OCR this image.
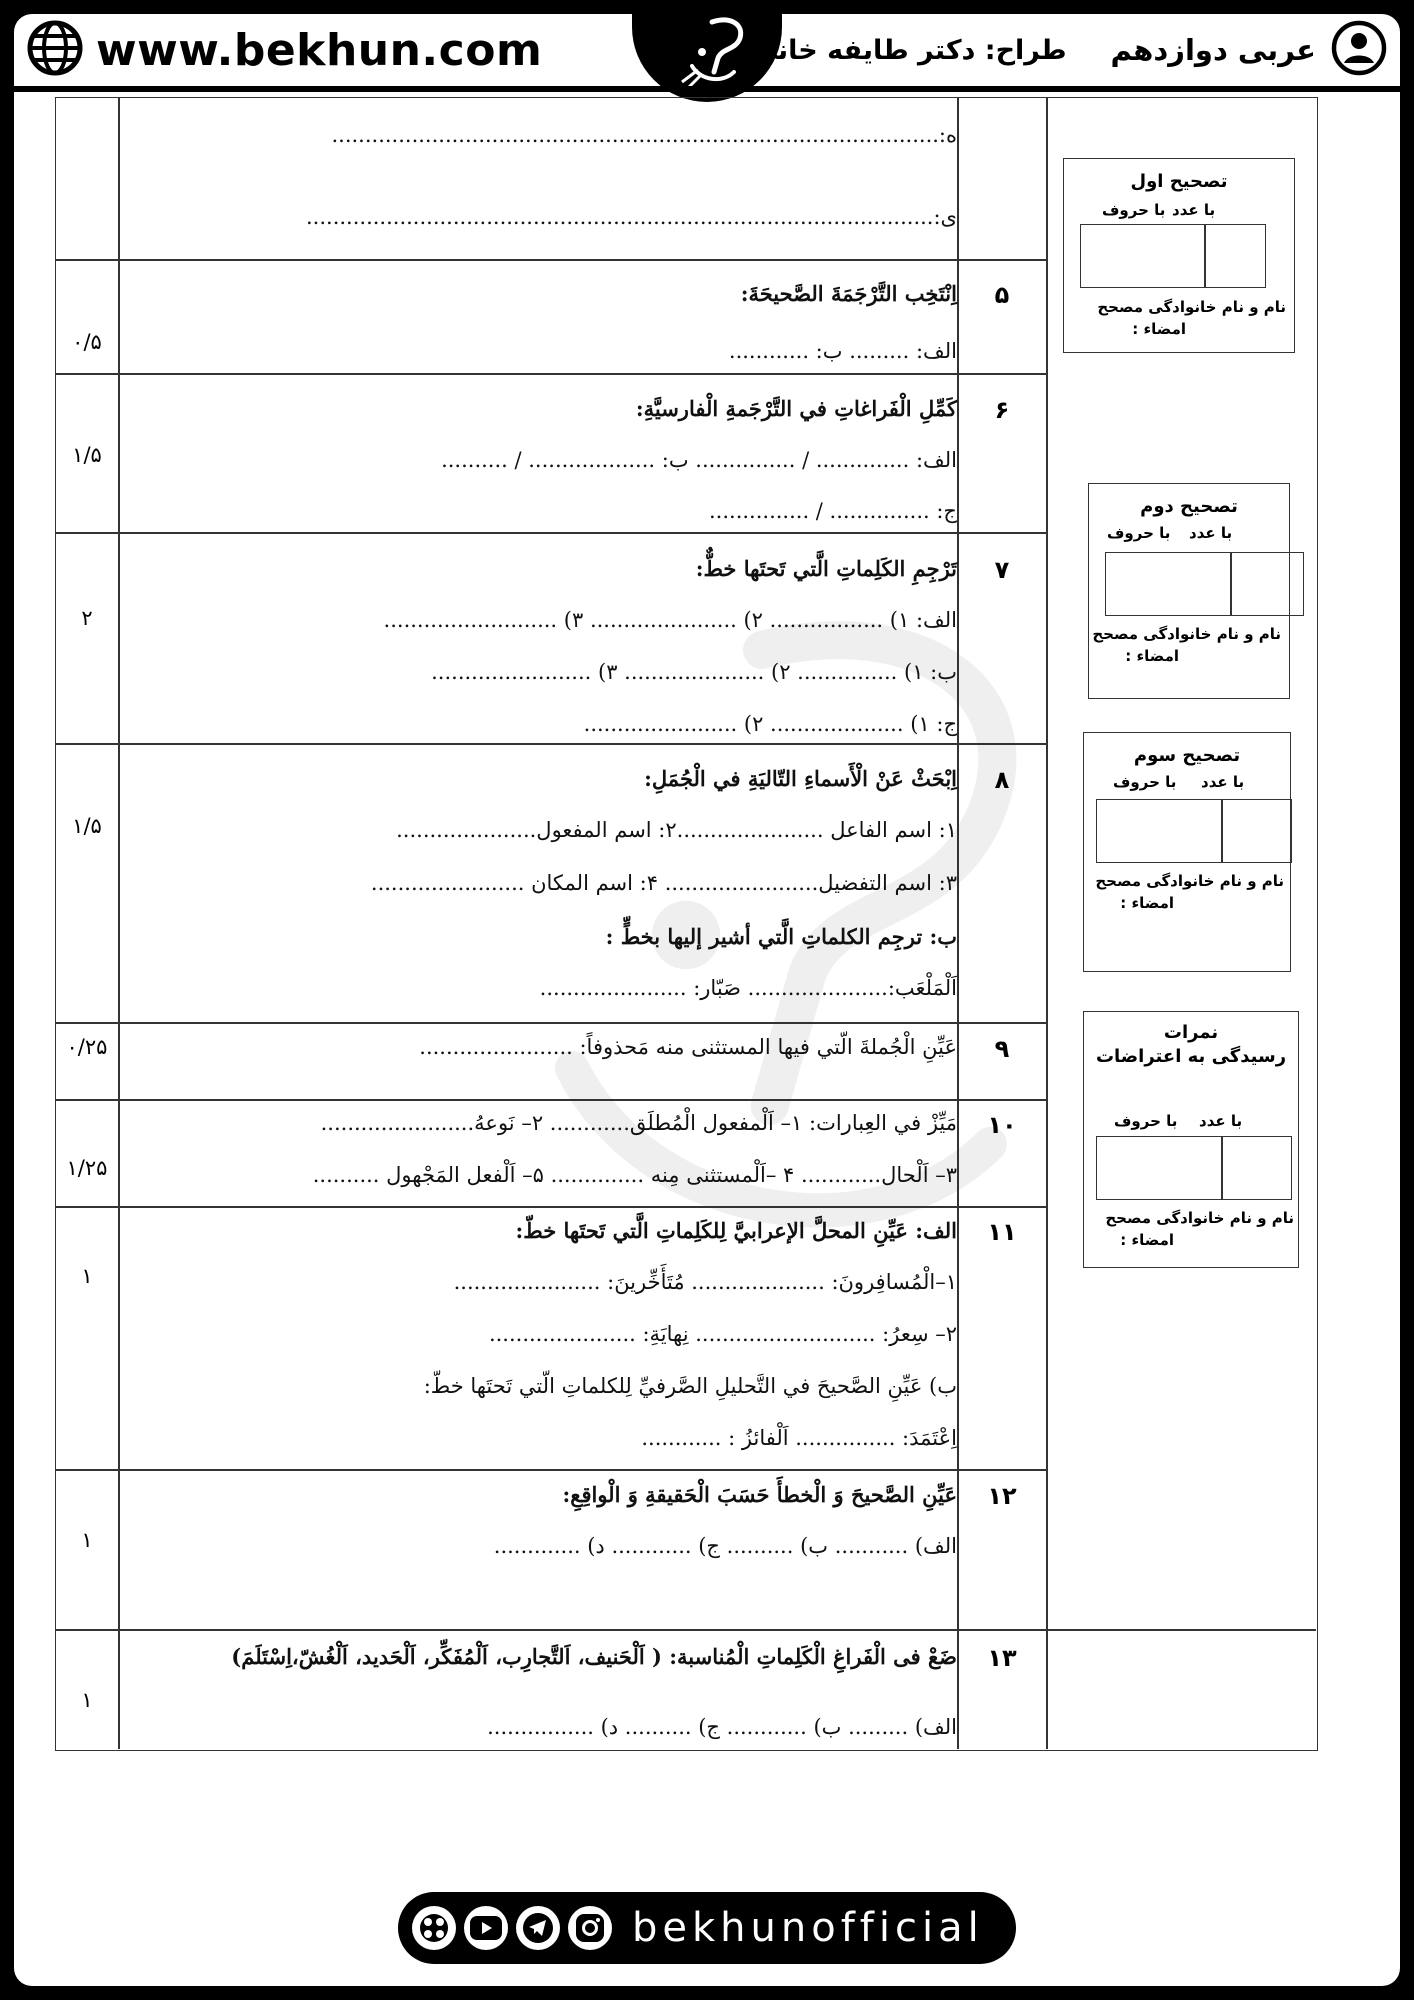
www.bekhun.com	عربی دوازدهم
طراح: دکتر طایفه خانی
ه:...........................................................................................
ی:..............................................................................................
۵
۰/۵
اِنْتَخِب التَّرْجَمَةَ الصَّحيحَةَ:
الف: ......... ب: ............
۶
۱/۵
كَمِّلِ الْفَراغاتِ في التَّرْجَمةِ الْفارسيَّةِ:
الف: .............. / ............... ب: ................... / ..........
ج: ............... / ...............
۷
۲
تَرْجِمِ الكَلِماتِ الَّتي تَحتَها خطٌّ:
الف: ۱) ................. ۲) ...................... ۳) ..........................
ب: ۱) ............... ۲) ..................... ۳) ........................
ج: ۱) .................... ۲) .......................
۸
۱/۵
اِبْحَثْ عَنْ الْأَسماءِ التّاليَةِ في الْجُمَلِ:
۱: اسم الفاعل ......................۲: اسم المفعول.....................
۳: اسم التفضيل....................... ۴: اسم المكان .......................
ب: ترجِم الكلماتِ الَّتي أشير إليها بخطٍّ :
اَلْمَلْعَب:..................... صَبّار: ......................
۹
۰/۲۵	عَيِّنِ الْجُملةَ الّتي فيها المستثنى منه مَحذوفاً: .......................
۱۰
۱/۲۵
مَيِّزْ في العِبارات: ۱– اَلْمفعول الْمُطلَق............ ۲– نَوعهُ.......................
۳– اَلْحال............ ۴ –اَلْمستثنى مِنه .............. ۵– اَلْفعل المَجْهول ..........
۱۱
۱
الف: عَيِّنِ المحلَّ الإعرابيَّ لِلكَلِماتِ الَّتي تَحتَها خطّ:
۱–الْمُسافِرونَ: .................... مُتَأَخِّرينَ: ......................
۲– سِعرُ: ........................... نِهايَةِ: ......................
ب) عَيِّنِ الصَّحيحَ في التَّحليلِ الصَّرفيِّ لِلكلماتِ الّتي تَحتَها خطّ:
اِعْتَمَدَ: ............... اَلْفائزُ : ............
۱۲
۱
عَيِّنِ الصَّحيحَ وَ الْخطأَ حَسَبَ الْحَقيقةِ وَ الْواقِعِ:
الف) ........... ب) .......... ج) ............ د) .............
۱۳
۱
ضَعْ فى الْفَراغِ الْكَلِماتِ الْمُناسبة: ( اَلْحَنيف، اَلتَّجارِب، اَلْمُفَكِّر، اَلْحَديد، اَلْغُشّ،اِسْتَلَمَ)
الف) ......... ب) ............ ج) .......... د) ................
تصحيح اول
با عدد
با حروف
نام و نام خانوادگی مصحح
امضاء :
تصحيح دوم
با عدد
با حروف
نام و نام خانوادگی مصحح
امضاء :
تصحيح سوم
با عدد
با حروف
نام و نام خانوادگی مصحح
امضاء :
نمرات
رسيدگی به اعتراضات
با عدد
با حروف
نام و نام خانوادگی مصحح
امضاء :
bekhunofficial
